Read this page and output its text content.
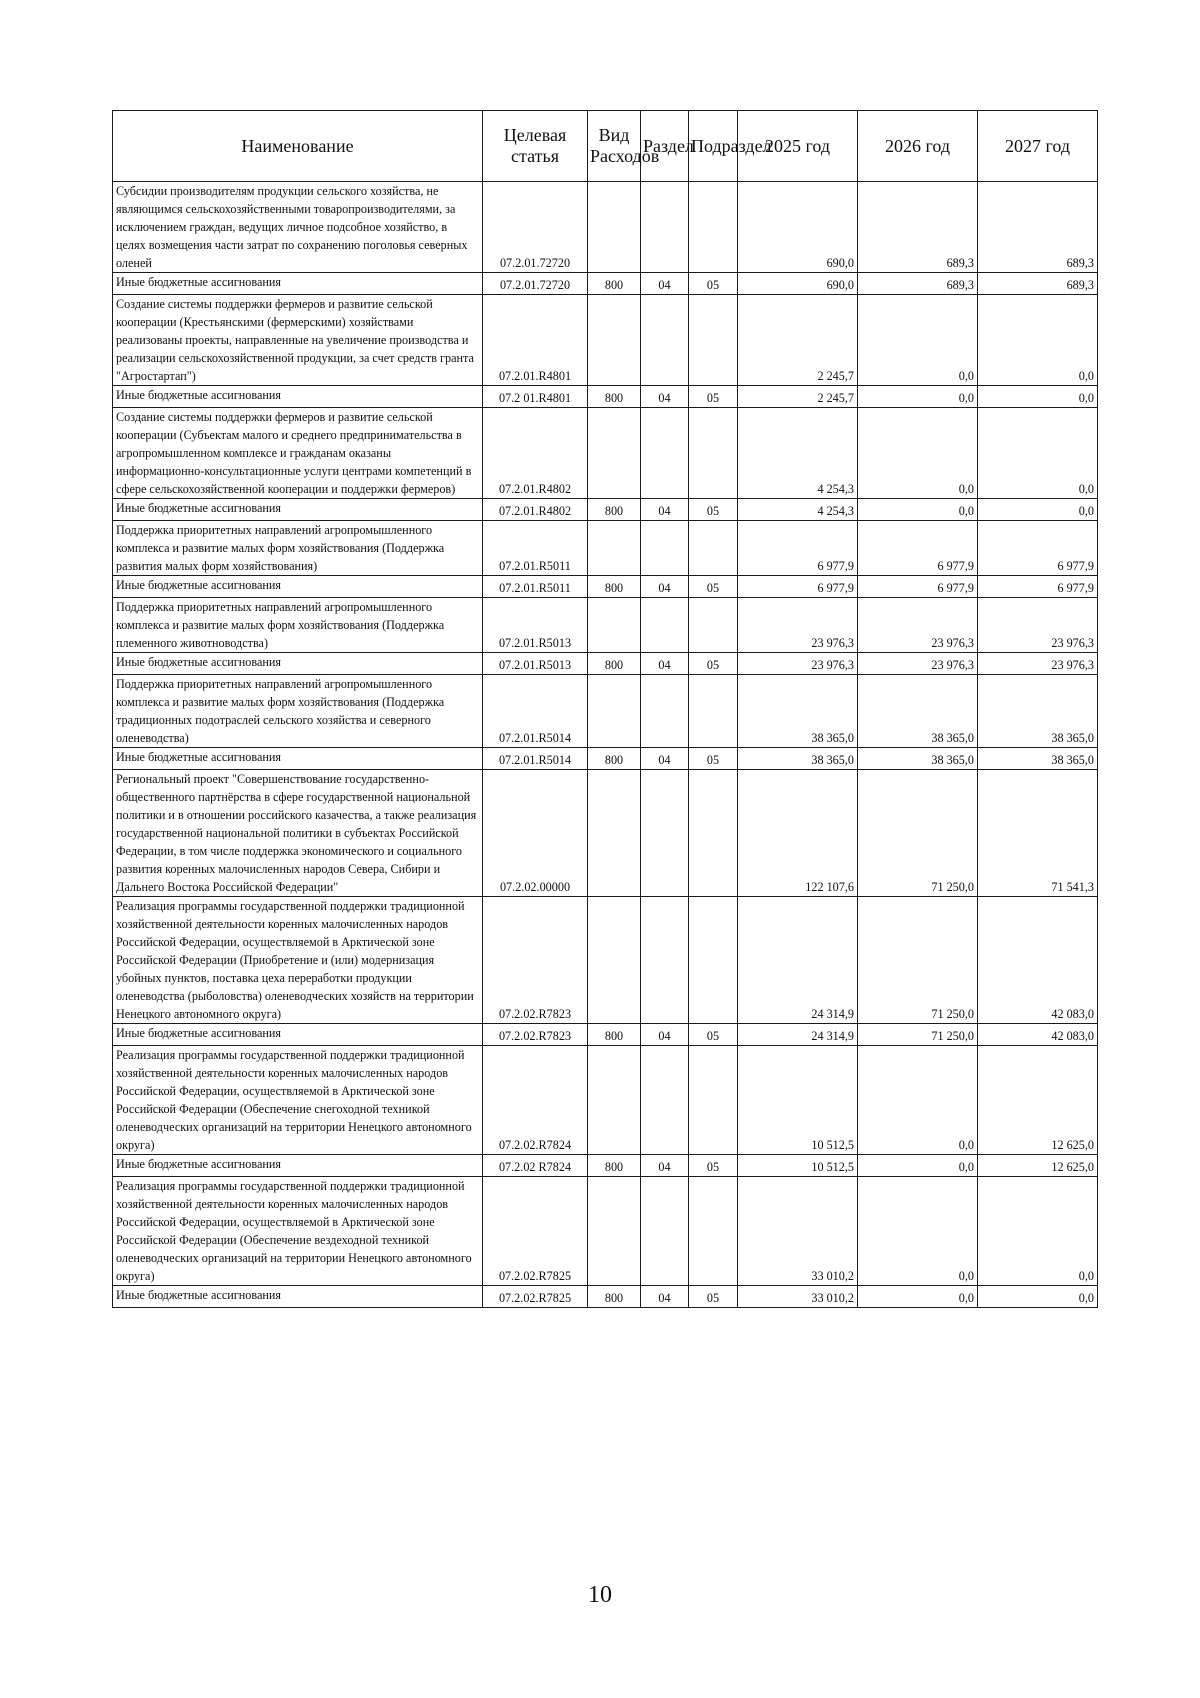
Наименование	Целевая статья	Вид Расходов	Раздел	Подраздел	2025 год	2026 год	2027 год
Субсидии производителям продукции сельского хозяйства, не являющимся сельскохозяйственными товаропроизводителями, за исключением граждан, ведущих личное подсобное хозяйство, в целях возмещения части затрат по сохранению поголовья северных оленей	07.2.01.72720				690,0	689,3	689,3
Иные бюджетные ассигнования	07.2.01.72720	800	04	05	690,0	689,3	689,3
Создание системы поддержки фермеров и развитие сельской кооперации (Крестьянскими (фермерскими) хозяйствами реализованы проекты, направленные на увеличение производства и реализации сельскохозяйственной продукции, за счет средств гранта "Агростартап")	07.2.01.R4801				2 245,7	0,0	0,0
Иные бюджетные ассигнования	07.2 01.R4801	800	04	05	2 245,7	0,0	0,0
Создание системы поддержки фермеров и развитие сельской кооперации (Субъектам малого и среднего предпринимательства в агропромышленном комплексе и гражданам оказаны информационно-консультационные услуги центрами компетенций в сфере сельскохозяйственной кооперации и поддержки фермеров)	07.2.01.R4802				4 254,3	0,0	0,0
Иные бюджетные ассигнования	07.2.01.R4802	800	04	05	4 254,3	0,0	0,0
Поддержка приоритетных направлений агропромышленного комплекса и развитие малых форм хозяйствования (Поддержка развития малых форм хозяйствования)	07.2.01.R5011				6 977,9	6 977,9	6 977,9
Иные бюджетные ассигнования	07.2.01.R5011	800	04	05	6 977,9	6 977,9	6 977,9
Поддержка приоритетных направлений агропромышленного комплекса и развитие малых форм хозяйствования (Поддержка племенного животноводства)	07.2.01.R5013				23 976,3	23 976,3	23 976,3
Иные бюджетные ассигнования	07.2.01.R5013	800	04	05	23 976,3	23 976,3	23 976,3
Поддержка приоритетных направлений агропромышленного комплекса и развитие малых форм хозяйствования (Поддержка традиционных подотраслей сельского хозяйства и северного оленеводства)	07.2.01.R5014				38 365,0	38 365,0	38 365,0
Иные бюджетные ассигнования	07.2.01.R5014	800	04	05	38 365,0	38 365,0	38 365,0
Региональный проект "Совершенствование государственно-общественного партнёрства в сфере государственной национальной политики и в отношении российского казачества, а также реализация государственной национальной политики в субъектах Российской Федерации, в том числе поддержка экономического и социального развития коренных малочисленных народов Севера, Сибири и Дальнего Востока Российской Федерации"	07.2.02.00000				122 107,6	71 250,0	71 541,3
Реализация программы государственной поддержки традиционной хозяйственной деятельности коренных малочисленных народов Российской Федерации, осуществляемой в Арктической зоне Российской Федерации (Приобретение и (или) модернизация убойных пунктов, поставка цеха переработки продукции оленеводства (рыболовства) оленеводческих хозяйств на территории Ненецкого автономного округа)	07.2.02.R7823				24 314,9	71 250,0	42 083,0
Иные бюджетные ассигнования	07.2.02.R7823	800	04	05	24 314,9	71 250,0	42 083,0
Реализация программы государственной поддержки традиционной хозяйственной деятельности коренных малочисленных народов Российской Федерации, осуществляемой в Арктической зоне Российской Федерации (Обеспечение снегоходной техникой оленеводческих организаций на территории Ненецкого автономного округа)	07.2.02.R7824				10 512,5	0,0	12 625,0
Иные бюджетные ассигнования	07.2.02 R7824	800	04	05	10 512,5	0,0	12 625,0
Реализация программы государственной поддержки традиционной хозяйственной деятельности коренных малочисленных народов Российской Федерации, осуществляемой в Арктической зоне Российской Федерации (Обеспечение вездеходной техникой оленеводческих организаций на территории Ненецкого автономного округа)	07.2.02.R7825				33 010,2	0,0	0,0
Иные бюджетные ассигнования	07.2.02.R7825	800	04	05	33 010,2	0,0	0,0
10
